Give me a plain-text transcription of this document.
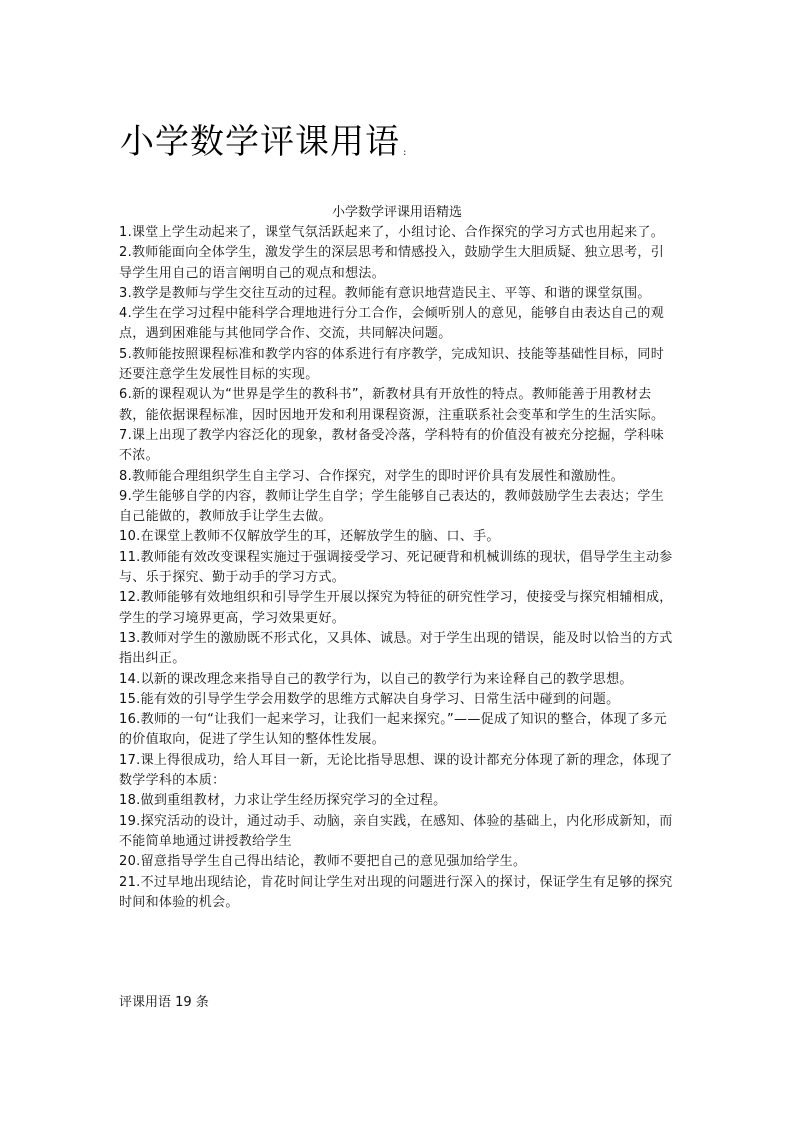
小学数学评课用语 :
小学数学评课用语精选
1.课堂上学生动起来了，课堂气氛活跃起来了，小组讨论、合作探究的学习方式也用起来了。
2.教师能面向全体学生，激发学生的深层思考和情感投入，鼓励学生大胆质疑、独立思考，引导学生用自己的语言阐明自己的观点和想法。
3.教学是教师与学生交往互动的过程。教师能有意识地营造民主、平等、和谐的课堂氛围。
4.学生在学习过程中能科学合理地进行分工合作，会倾听别人的意见，能够自由表达自己的观点，遇到困难能与其他同学合作、交流，共同解决问题。
5.教师能按照课程标准和教学内容的体系进行有序教学，完成知识、技能等基础性目标，同时还要注意学生发展性目标的实现。
6.新的课程观认为“世界是学生的教科书”，新教材具有开放性的特点。教师能善于用教材去教，能依据课程标准，因时因地开发和利用课程资源，注重联系社会变革和学生的生活实际。
7.课上出现了教学内容泛化的现象，教材备受冷落，学科特有的价值没有被充分挖掘，学科味不浓。
8.教师能合理组织学生自主学习、合作探究，对学生的即时评价具有发展性和激励性。
9.学生能够自学的内容，教师让学生自学；学生能够自己表达的，教师鼓励学生去表达；学生自己能做的，教师放手让学生去做。
10.在课堂上教师不仅解放学生的耳，还解放学生的脑、口、手。
11.教师能有效改变课程实施过于强调接受学习、死记硬背和机械训练的现状，倡导学生主动参与、乐于探究、勤于动手的学习方式。
12.教师能够有效地组织和引导学生开展以探究为特征的研究性学习，使接受与探究相辅相成，学生的学习境界更高，学习效果更好。
13.教师对学生的激励既不形式化，又具体、诚恳。对于学生出现的错误，能及时以恰当的方式指出纠正。
14.以新的课改理念来指导自己的教学行为，以自己的教学行为来诠释自己的教学思想。
15.能有效的引导学生学会用数学的思维方式解决自身学习、日常生活中碰到的问题。
16.教师的一句“让我们一起来学习，让我们一起来探究。”——促成了知识的整合，体现了多元的价值取向，促进了学生认知的整体性发展。
17.课上得很成功，给人耳目一新，无论比指导思想、课的设计都充分体现了新的理念，体现了数学学科的本质：
18.做到重组教材，力求让学生经历探究学习的全过程。
19.探究活动的设计，通过动手、动脑，亲自实践，在感知、体验的基础上，内化形成新知，而不能简单地通过讲授教给学生
20.留意指导学生自己得出结论，教师不要把自己的意见强加给学生。
21.不过早地出现结论，肯花时间让学生对出现的问题进行深入的探讨，保证学生有足够的探究时间和体验的机会。
评课用语 19 条
